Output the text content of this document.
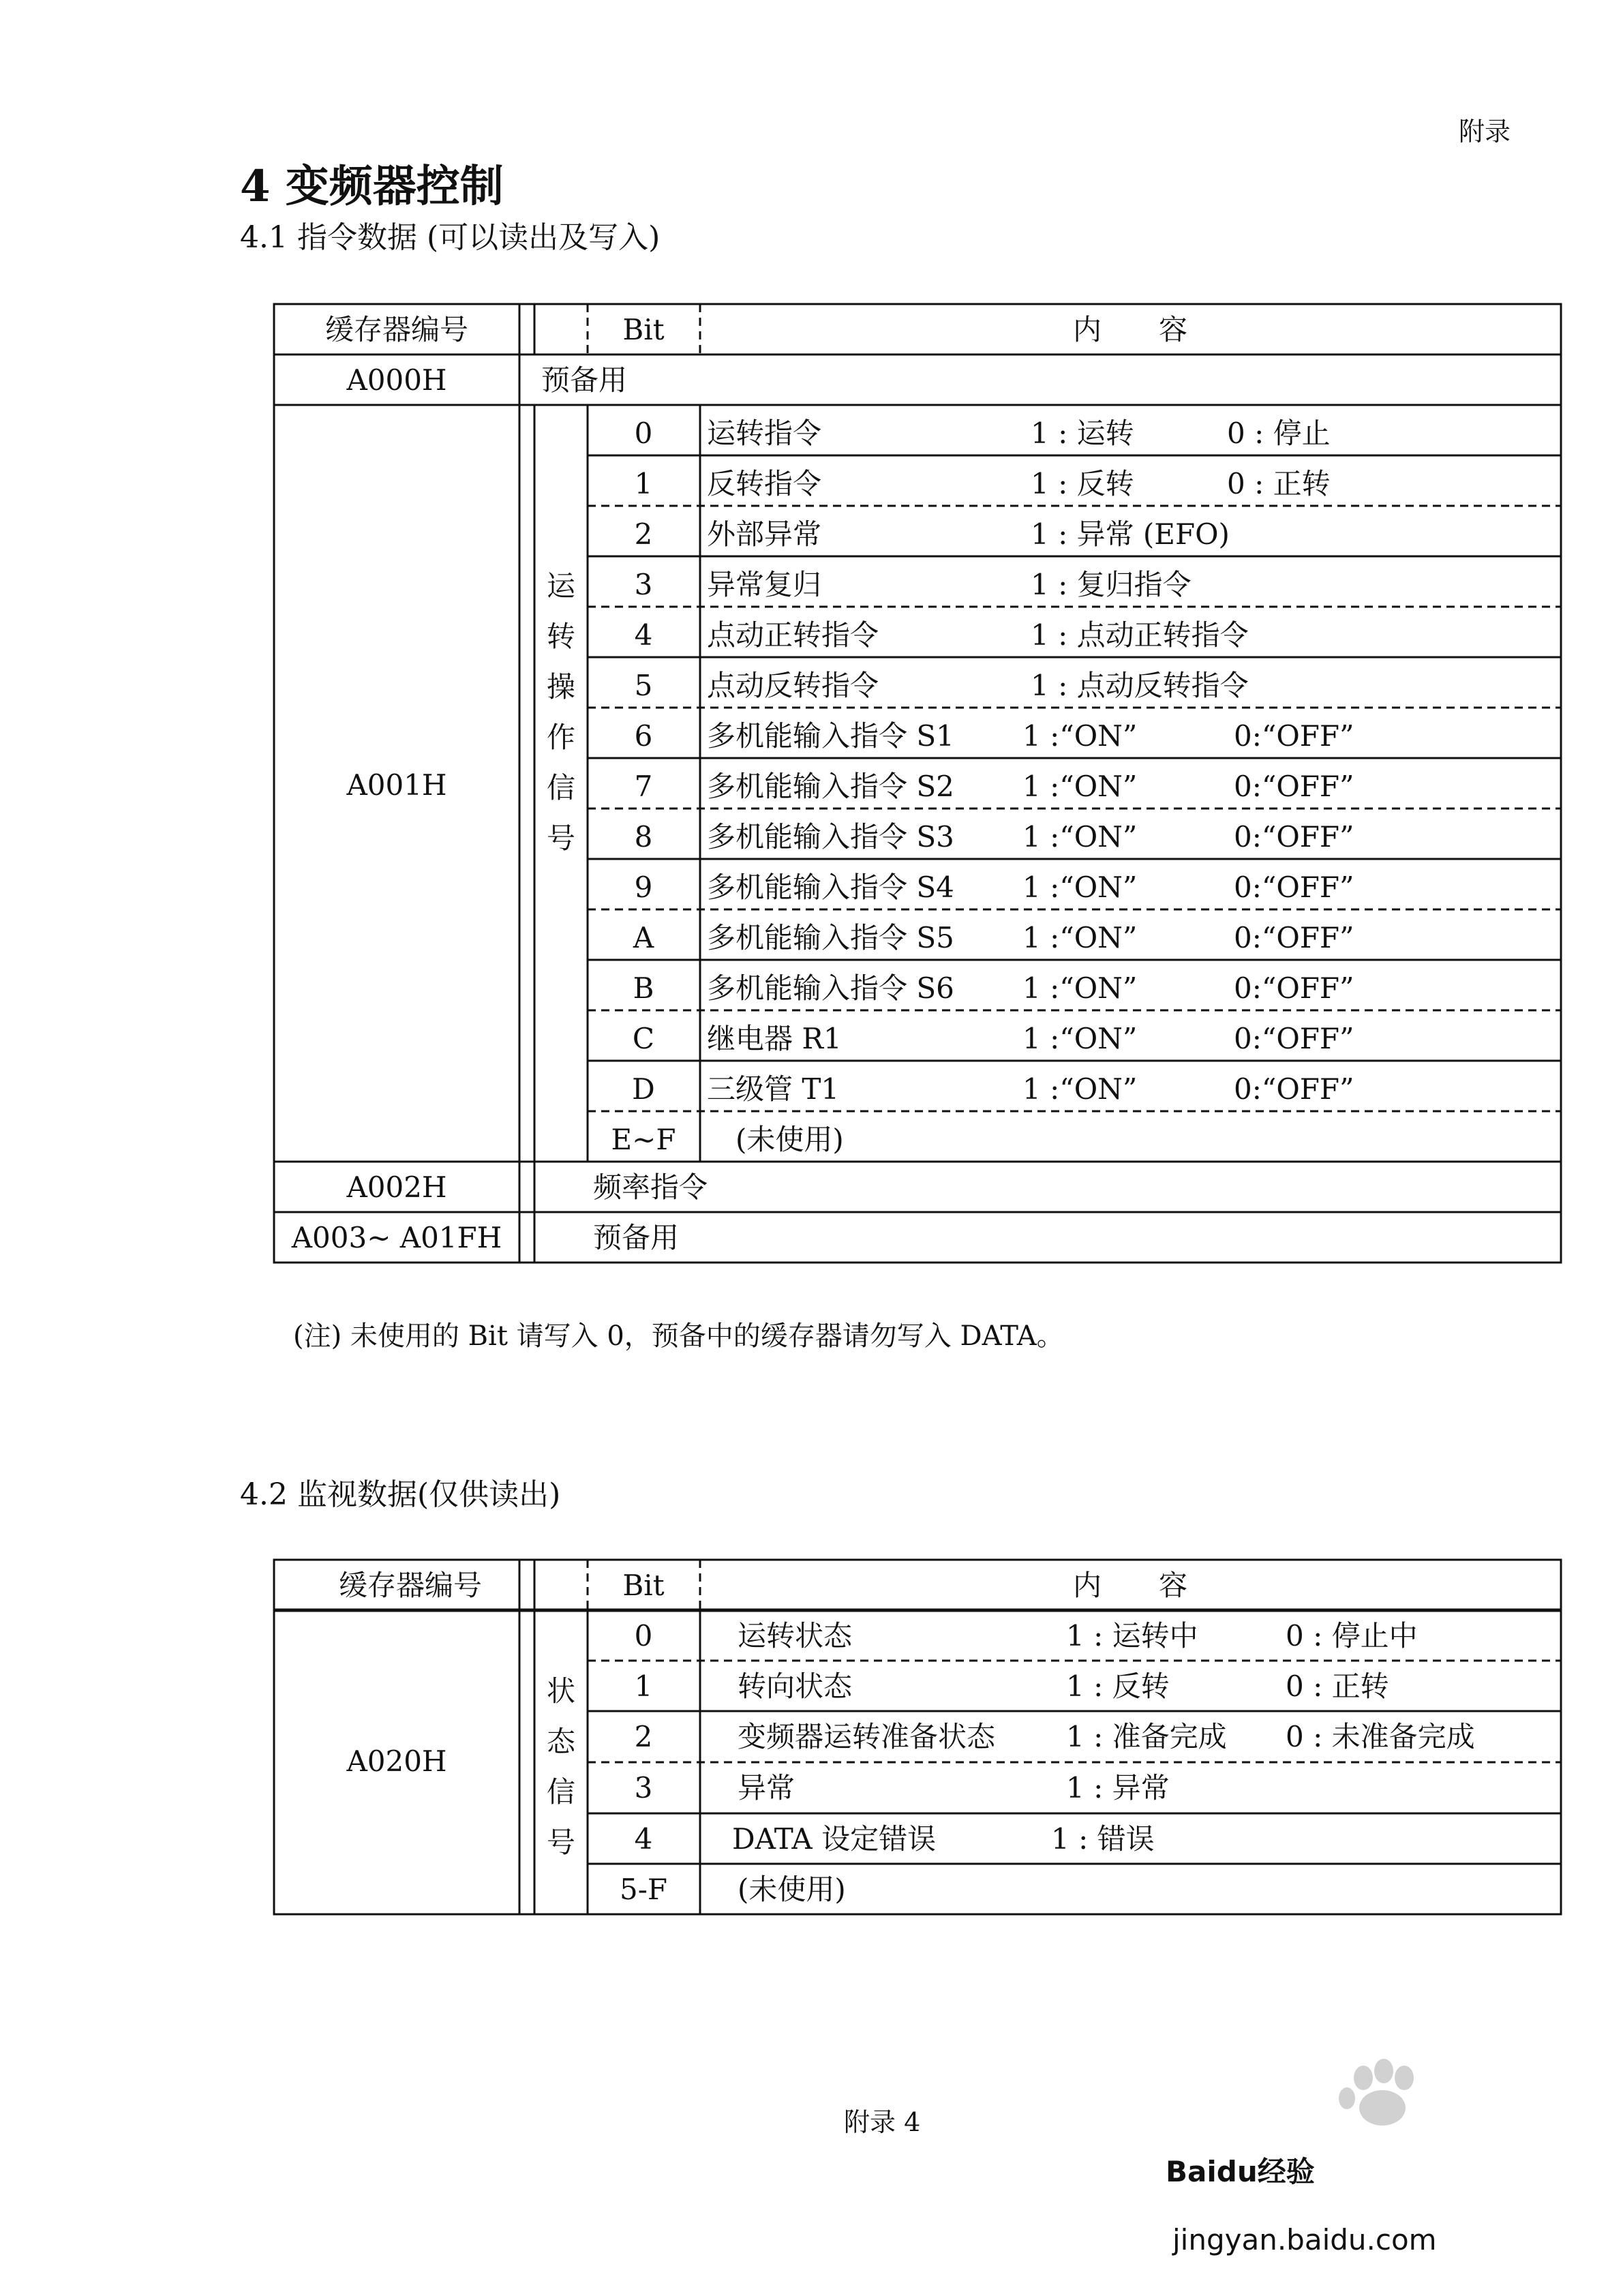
附录
4 变频器控制
4.1 指令数据 (可以读出及写入)
缓存器编号	Bit	内　　容
A000H	预备用
A001H
运
转
操
作
信
号
0 运转指令	1 : 运转	0 : 停止
1 反转指令	1 : 反转	0 : 正转
2 外部异常	1 : 异常 (EFO)
3 异常复归	1 : 复归指令
4 点动正转指令	1 : 点动正转指令
5 点动反转指令	1 : 点动反转指令
6 多机能输入指令 S1 1 :“ON”	0:“OFF”
7 多机能输入指令 S2 1 :“ON”	0:“OFF”
8 多机能输入指令 S3 1 :“ON”	0:“OFF”
9 多机能输入指令 S4 1 :“ON”	0:“OFF”
A 多机能输入指令 S5 1 :“ON”	0:“OFF”
B 多机能输入指令 S6 1 :“ON”	0:“OFF”
C 继电器 R1	1 :“ON”	0:“OFF”
D 三级管 T1	1 :“ON”	0:“OFF”
E~F 　(未使用)
A002H	频率指令
A003~ A01FH	预备用
(注) 未使用的 Bit 请写入 0，预备中的缓存器请勿写入 DATA。
4.2 监视数据(仅供读出)
缓存器编号	Bit	内　　容
A020H
状
态
信
号
0	运转状态	1 : 运转中	0 : 停止中
1	转向状态	1 : 反转	0 : 正转
2	变频器运转准备状态 1 : 准备完成 0 : 未准备完成
3	异常	1 : 异常
4	DATA 设定错误	1 : 错误
5-F (未使用)
附录 4
Baidu经验
jingyan.baidu.com
